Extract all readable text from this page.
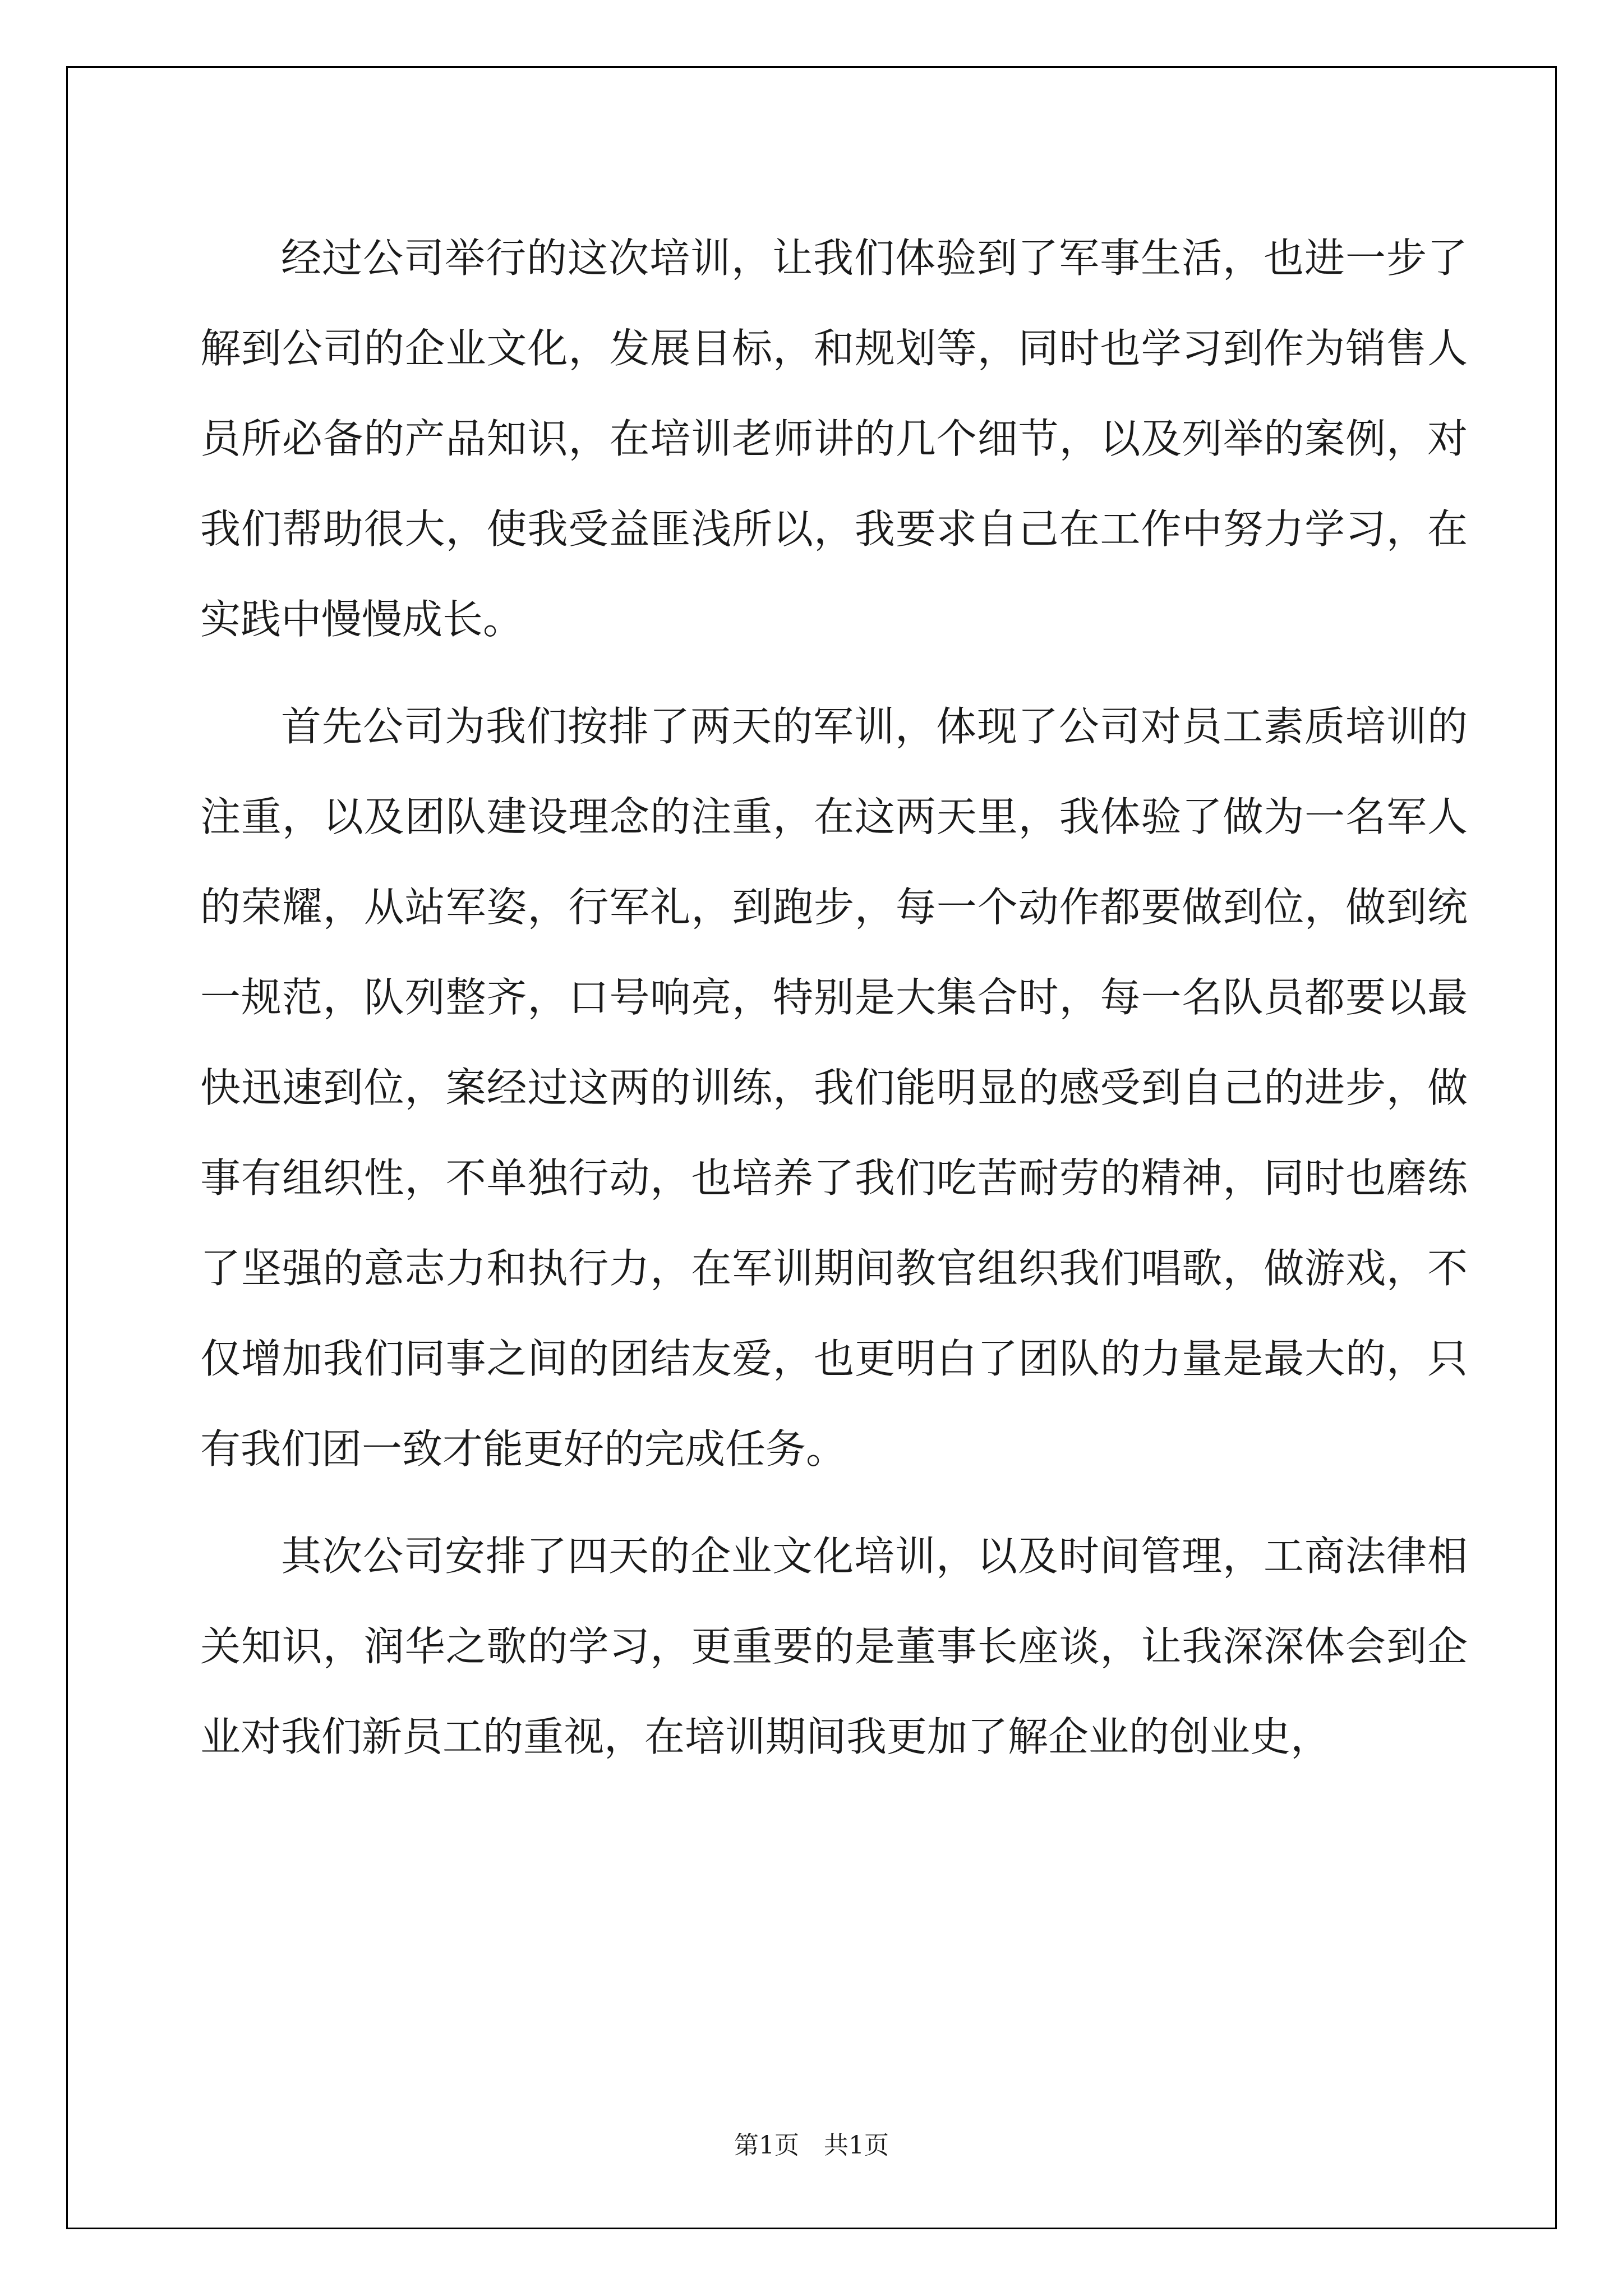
经过公司举行的这次培训，让我们体验到了军事生活，也进一步了解到公司的企业文化，发展目标，和规划等，同时也学习到作为销售人员所必备的产品知识，在培训老师讲的几个细节，以及列举的案例，对我们帮助很大，使我受益匪浅所以，我要求自己在工作中努力学习，在实践中慢慢成长。

首先公司为我们按排了两天的军训，体现了公司对员工素质培训的注重，以及团队建设理念的注重，在这两天里，我体验了做为一名军人的荣耀，从站军姿，行军礼，到跑步，每一个动作都要做到位，做到统一规范，队列整齐，口号响亮，特别是大集合时，每一名队员都要以最快迅速到位，案经过这两的训练，我们能明显的感受到自己的进步，做事有组织性，不单独行动，也培养了我们吃苦耐劳的精神，同时也磨练了坚强的意志力和执行力，在军训期间教官组织我们唱歌，做游戏，不仅增加我们同事之间的团结友爱，也更明白了团队的力量是最大的，只有我们团一致才能更好的完成任务。

其次公司安排了四天的企业文化培训，以及时间管理，工商法律相关知识，润华之歌的学习，更重要的是董事长座谈，让我深深体会到企业对我们新员工的重视，在培训期间我更加了解企业的创业史，

第1页　共1页
